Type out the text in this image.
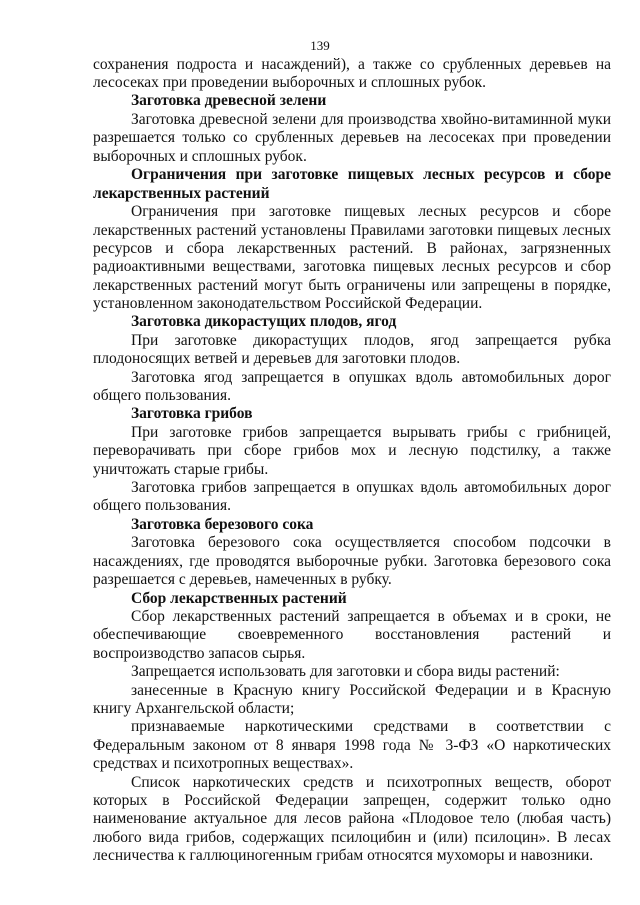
139
сохранения подроста и насаждений), а также со срубленных деревьев на
лесосеках при проведении выборочных и сплошных рубок.
Заготовка древесной зелени
Заготовка древесной зелени для производства хвойно-витаминной муки
разрешается только со срубленных деревьев на лесосеках при проведении
выборочных и сплошных рубок.
Ограничения при заготовке пищевых лесных ресурсов и сборе
лекарственных растений
Ограничения при заготовке пищевых лесных ресурсов и сборе
лекарственных растений установлены Правилами заготовки пищевых лесных
ресурсов и сбора лекарственных растений. В районах, загрязненных
радиоактивными веществами, заготовка пищевых лесных ресурсов и сбор
лекарственных растений могут быть ограничены или запрещены в порядке,
установленном законодательством Российской Федерации.
Заготовка дикорастущих плодов, ягод
При заготовке дикорастущих плодов, ягод запрещается рубка
плодоносящих ветвей и деревьев для заготовки плодов.
Заготовка ягод запрещается в опушках вдоль автомобильных дорог
общего пользования.
Заготовка грибов
При заготовке грибов запрещается вырывать грибы с грибницей,
переворачивать при сборе грибов мох и лесную подстилку, а также
уничтожать старые грибы.
Заготовка грибов запрещается в опушках вдоль автомобильных дорог
общего пользования.
Заготовка березового сока
Заготовка березового сока осуществляется способом подсочки в
насаждениях, где проводятся выборочные рубки. Заготовка березового сока
разрешается с деревьев, намеченных в рубку.
Сбор лекарственных растений
Сбор лекарственных растений запрещается в объемах и в сроки, не
обеспечивающие своевременного восстановления растений и
воспроизводство запасов сырья.
Запрещается использовать для заготовки и сбора виды растений:
занесенные в Красную книгу Российской Федерации и в Красную
книгу Архангельской области;
признаваемые наркотическими средствами в соответствии с
Федеральным законом от 8 января 1998 года № 3-ФЗ «О наркотических
средствах и психотропных веществах».
Список наркотических средств и психотропных веществ, оборот
которых в Российской Федерации запрещен, содержит только одно
наименование актуальное для лесов района «Плодовое тело (любая часть)
любого вида грибов, содержащих псилоцибин и (или) псилоцин». В лесах
лесничества к галлюциногенным грибам относятся мухоморы и навозники.
